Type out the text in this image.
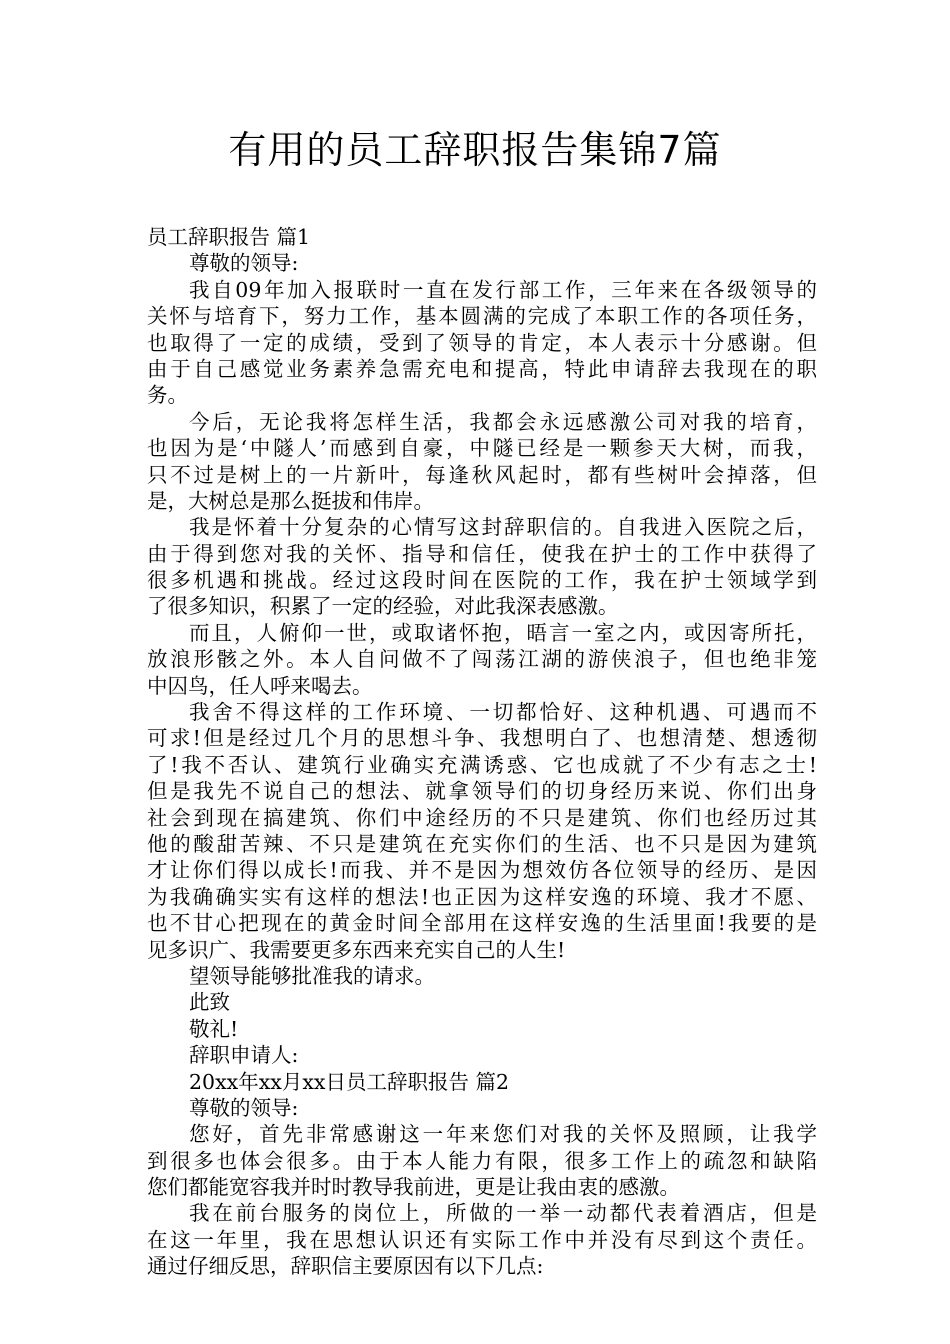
有用的员工辞职报告集锦7篇
员工辞职报告 篇1
尊敬的领导:
我自09年加入报联时一直在发行部工作，三年来在各级领导的
关怀与培育下，努力工作，基本圆满的完成了本职工作的各项任务，
也取得了一定的成绩，受到了领导的肯定，本人表示十分感谢。但
由于自己感觉业务素养急需充电和提高，特此申请辞去我现在的职
务。
今后，无论我将怎样生活，我都会永远感激公司对我的培育，
也因为是‘中隧人’而感到自豪，中隧已经是一颗参天大树，而我，
只不过是树上的一片新叶，每逢秋风起时，都有些树叶会掉落，但
是，大树总是那么挺拔和伟岸。
我是怀着十分复杂的心情写这封辞职信的。自我进入医院之后，
由于得到您对我的关怀、指导和信任，使我在护士的工作中获得了
很多机遇和挑战。经过这段时间在医院的工作，我在护士领域学到
了很多知识，积累了一定的经验，对此我深表感激。
而且，人俯仰一世，或取诸怀抱，晤言一室之内，或因寄所托，
放浪形骸之外。本人自问做不了闯荡江湖的游侠浪子，但也绝非笼
中囚鸟，任人呼来喝去。
我舍不得这样的工作环境、一切都恰好、这种机遇、可遇而不
可求!但是经过几个月的思想斗争、我想明白了、也想清楚、想透彻
了!我不否认、建筑行业确实充满诱惑、它也成就了不少有志之士!
但是我先不说自己的想法、就拿领导们的切身经历来说、你们出身
社会到现在搞建筑、你们中途经历的不只是建筑、你们也经历过其
他的酸甜苦辣、不只是建筑在充实你们的生活、也不只是因为建筑
才让你们得以成长!而我、并不是因为想效仿各位领导的经历、是因
为我确确实实有这样的想法!也正因为这样安逸的环境、我才不愿、
也不甘心把现在的黄金时间全部用在这样安逸的生活里面!我要的是
见多识广、我需要更多东西来充实自己的人生!
望领导能够批准我的请求。
此致
敬礼!
辞职申请人:
20xx年xx月xx日员工辞职报告 篇2
尊敬的领导:
您好，首先非常感谢这一年来您们对我的关怀及照顾，让我学
到很多也体会很多。由于本人能力有限，很多工作上的疏忽和缺陷
您们都能宽容我并时时教导我前进，更是让我由衷的感激。
我在前台服务的岗位上，所做的一举一动都代表着酒店，但是
在这一年里，我在思想认识还有实际工作中并没有尽到这个责任。
通过仔细反思，辞职信主要原因有以下几点:
